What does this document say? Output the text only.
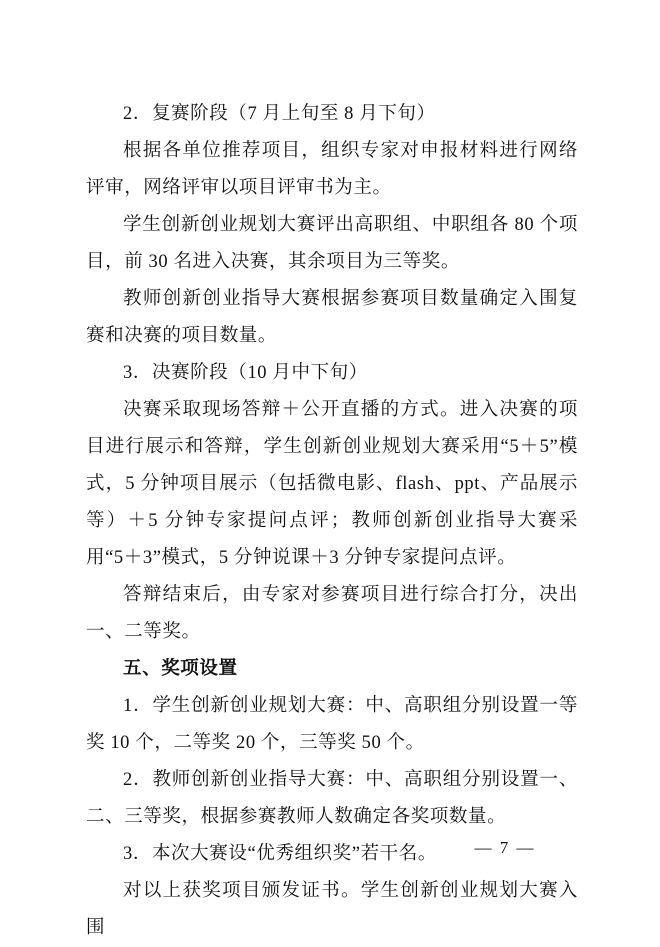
2．复赛阶段（7 月上旬至 8 月下旬）

根据各单位推荐项目，组织专家对申报材料进行网络评审，网络评审以项目评审书为主。

学生创新创业规划大赛评出高职组、中职组各 80 个项目，前 30 名进入决赛，其余项目为三等奖。

教师创新创业指导大赛根据参赛项目数量确定入围复赛和决赛的项目数量。

3．决赛阶段（10 月中下旬）

决赛采取现场答辩＋公开直播的方式。进入决赛的项目进行展示和答辩，学生创新创业规划大赛采用“5＋5”模式，5 分钟项目展示（包括微电影、flash、ppt、产品展示等）＋5 分钟专家提问点评；教师创新创业指导大赛采用“5＋3”模式，5 分钟说课＋3 分钟专家提问点评。

答辩结束后，由专家对参赛项目进行综合打分，决出一、二等奖。

五、奖项设置

1．学生创新创业规划大赛：中、高职组分别设置一等奖 10 个，二等奖 20 个，三等奖 50 个。

2．教师创新创业指导大赛：中、高职组分别设置一、二、三等奖，根据参赛教师人数确定各奖项数量。

3．本次大赛设“优秀组织奖”若干名。

对以上获奖项目颁发证书。学生创新创业规划大赛入围

— 7 —
